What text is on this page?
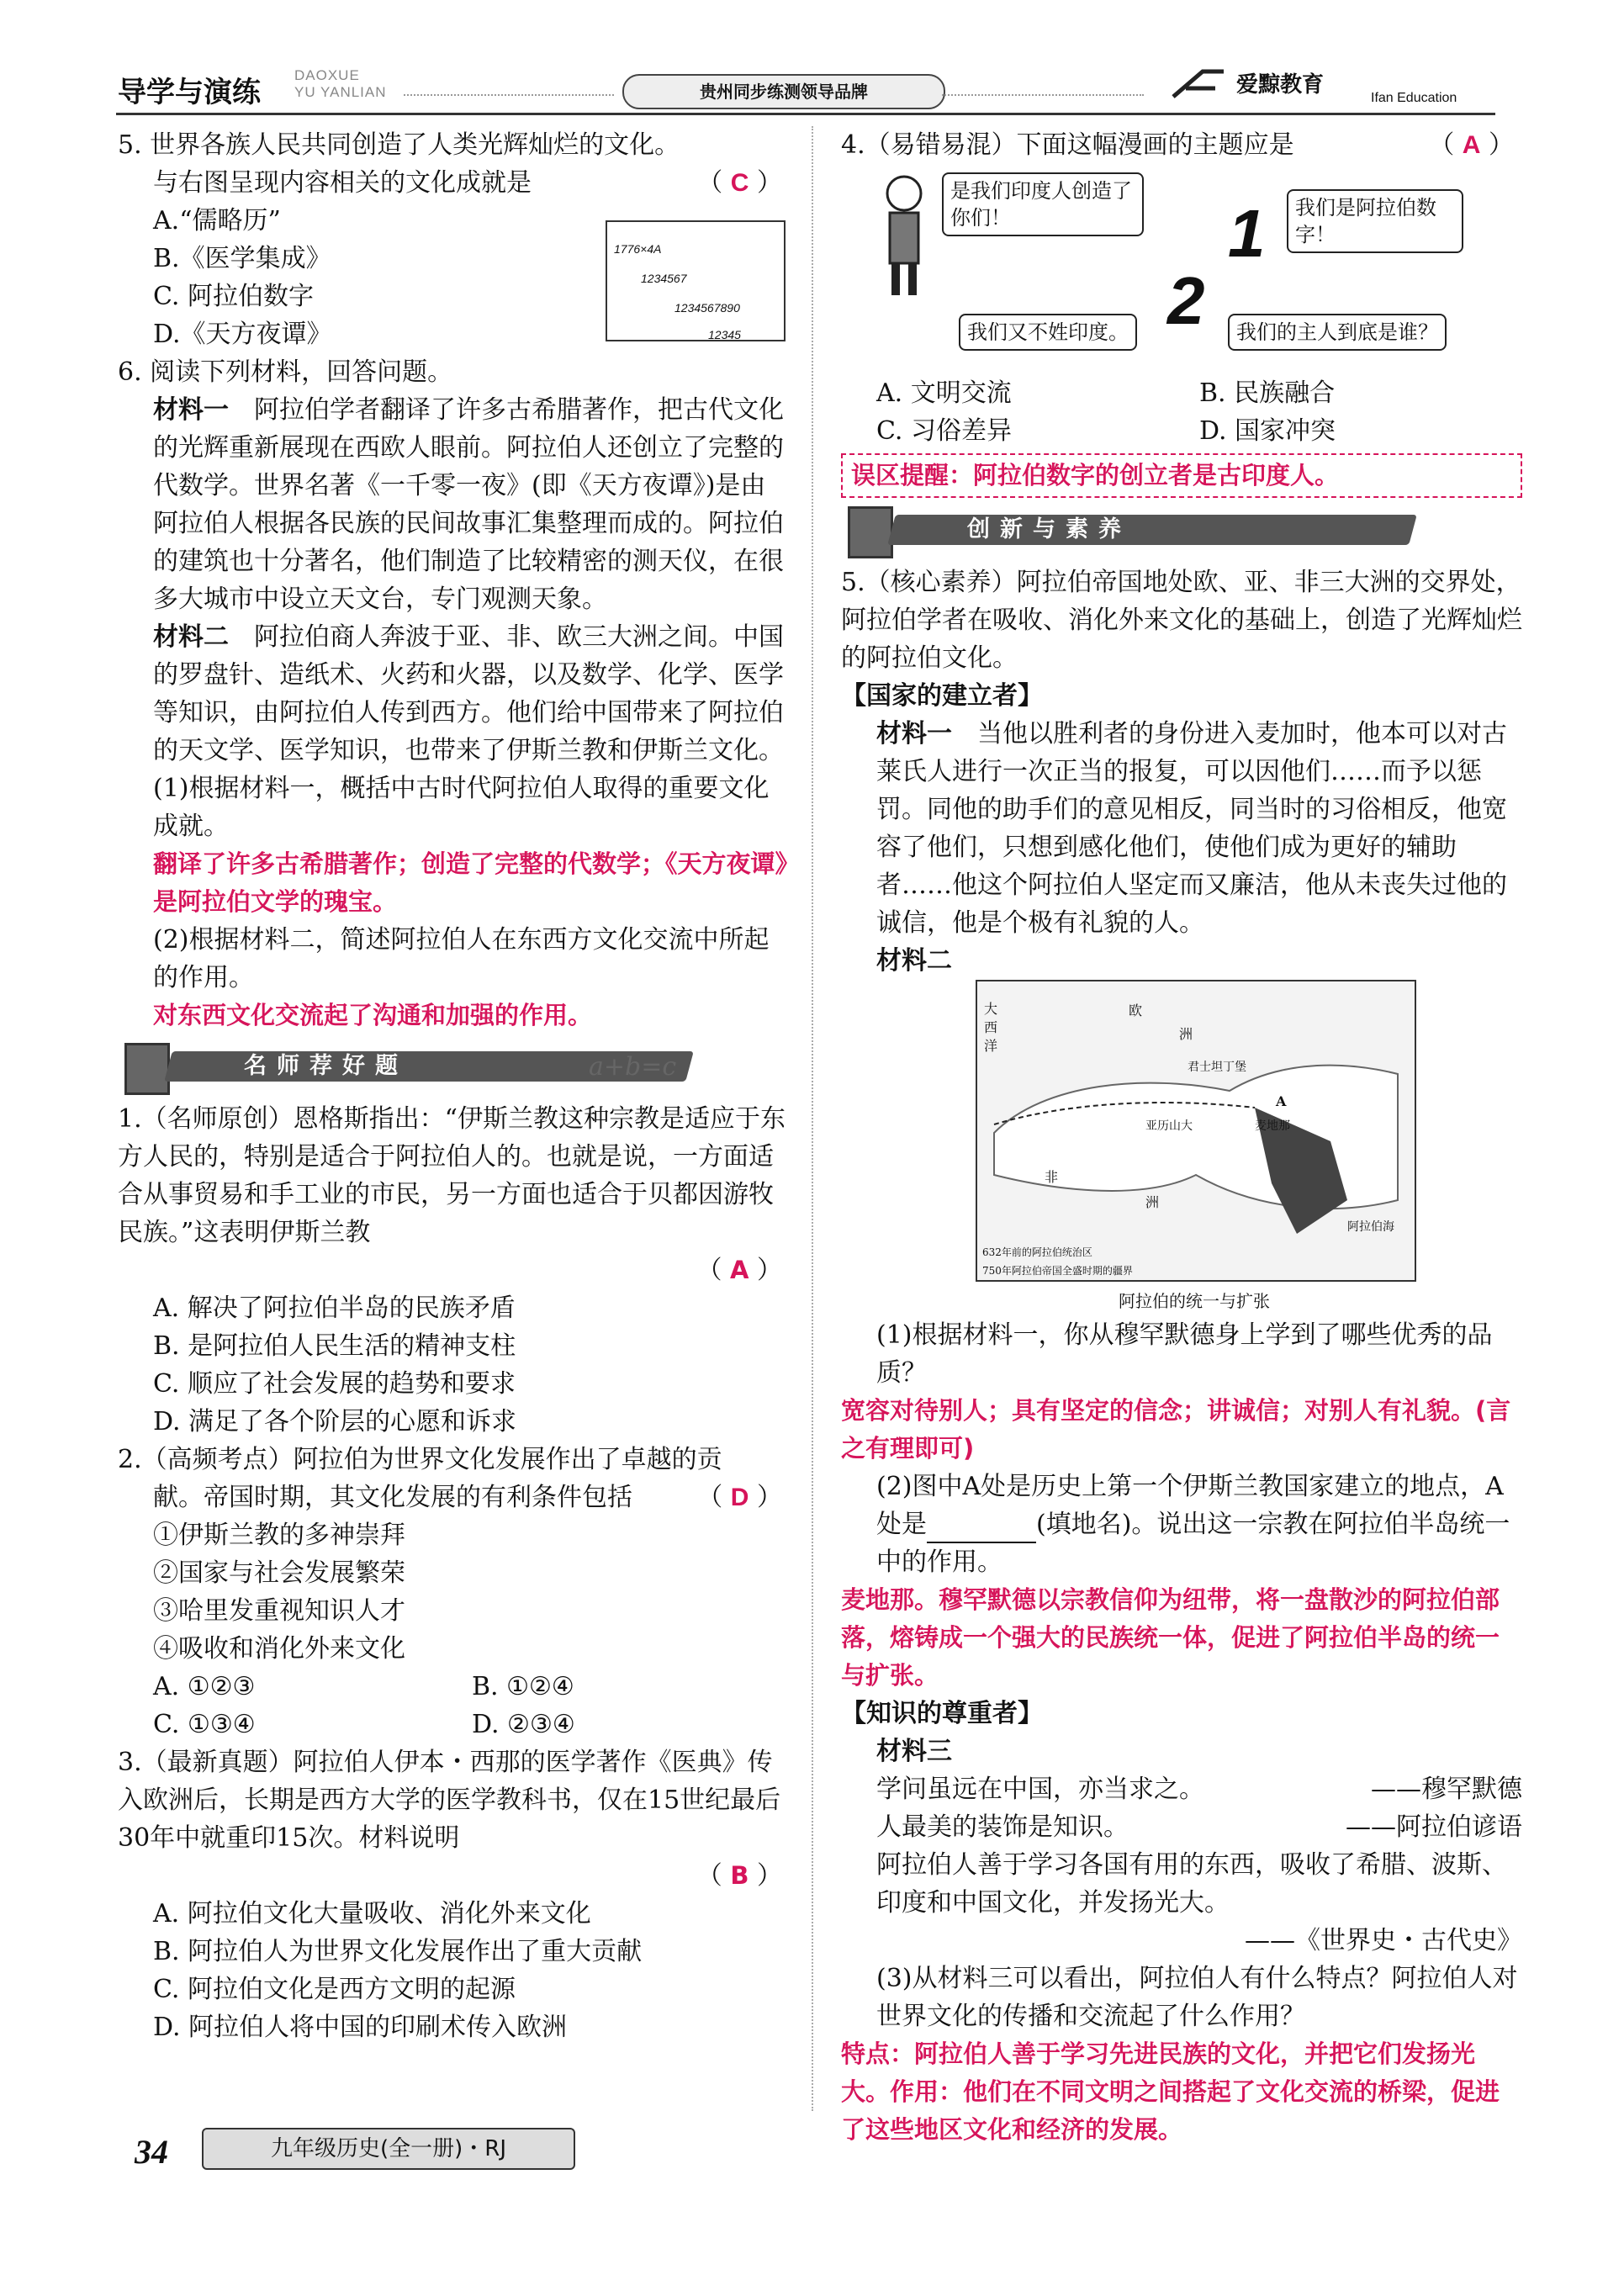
导学与演练
DAOXUE
YU YANLIAN	贵州同步练测领导品牌	爱黥教育
Ifan Education

5. 世界各族人民共同创造了人类光辉灿烂的文化。

与右图呈现内容相关的文化成就是	（ C ）

A.“儒略历”

B.《医学集成》

C. 阿拉伯数字

D.《天方夜谭》

1776×4A
1234567
1234567890
12345

6. 阅读下列材料，回答问题。

材料一　 阿拉伯学者翻译了许多古希腊著作，把古代文化的光辉重新展现在西欧人眼前。阿拉伯人还创立了完整的代数学。世界名著《一千零一夜》(即《天方夜谭》)是由阿拉伯人根据各民族的民间故事汇集整理而成的。阿拉伯的建筑也十分著名，他们制造了比较精密的测天仪，在很多大城市中设立天文台，专门观测天象。

材料二　 阿拉伯商人奔波于亚、非、欧三大洲之间。中国的罗盘针、造纸术、火药和火器，以及数学、化学、医学等知识，由阿拉伯人传到西方。他们给中国带来了阿拉伯的天文学、医学知识，也带来了伊斯兰教和伊斯兰文化。

(1)根据材料一，概括中古时代阿拉伯人取得的重要文化成就。

翻译了许多古希腊著作；创造了完整的代数学；《天方夜谭》是阿拉伯文学的瑰宝。

(2)根据材料二，简述阿拉伯人在东西方文化交流中所起的作用。

对东西文化交流起了沟通和加强的作用。

名师荐好题	a+b=c

1.（名师原创）恩格斯指出：“伊斯兰教这种宗教是适应于东方人民的，特别是适合于阿拉伯人的。也就是说，一方面适合从事贸易和手工业的市民，另一方面也适合于贝都因游牧民族。”这表明伊斯兰教

（ A ）

A. 解决了阿拉伯半岛的民族矛盾

B. 是阿拉伯人民生活的精神支柱

C. 顺应了社会发展的趋势和要求

D. 满足了各个阶层的心愿和诉求

2.（高频考点）阿拉伯为世界文化发展作出了卓越的贡

献。帝国时期，其文化发展的有利条件包括	（ D ）

①伊斯兰教的多神崇拜

②国家与社会发展繁荣

③哈里发重视知识人才

④吸收和消化外来文化

A. ①②③	B. ①②④
C. ①③④	D. ②③④

3.（最新真题）阿拉伯人伊本・西那的医学著作《医典》传入欧洲后，长期是西方大学的医学教科书，仅在15世纪最后30年中就重印15次。材料说明

（ B ）

A. 阿拉伯文化大量吸收、消化外来文化

B. 阿拉伯人为世界文化发展作出了重大贡献

C. 阿拉伯文化是西方文明的起源

D. 阿拉伯人将中国的印刷术传入欧洲

4.（易错易混）下面这幅漫画的主题应是	（ A ）

是我们印度人创造了你们！	1	我们是阿拉伯数字！
我们又不姓印度。 2	我们的主人到底是谁？
A. 文明交流	B. 民族融合
C. 习俗差异	D. 国家冲突
误区提醒：阿拉伯数字的创立者是古印度人。
创新与素养

5.（核心素养）阿拉伯帝国地处欧、亚、非三大洲的交界处，阿拉伯学者在吸收、消化外来文化的基础上，创造了光辉灿烂的阿拉伯文化。

【国家的建立者】

材料一　 当他以胜利者的身份进入麦加时，他本可以对古莱氏人进行一次正当的报复，可以因他们……而予以惩罚。同他的助手们的意见相反，同当时的习俗相反，他宽容了他们，只想到感化他们，使他们成为更好的辅助者……他这个阿拉伯人坚定而又廉洁，他从未丧失过他的诚信，他是个极有礼貌的人。

材料二

大
西
洋
欧
洲
非
洲
阿拉伯海
亚历山大
君士坦丁堡
麦地那
A
632年前的阿拉伯统治区
750年阿拉伯帝国全盛时期的疆界
阿拉伯的统一与扩张

(1)根据材料一，你从穆罕默德身上学到了哪些优秀的品质？

宽容对待别人；具有坚定的信念；讲诚信；对别人有礼貌。(言之有理即可)

(2)图中A处是历史上第一个伊斯兰教国家建立的地点，A处是	(填地名)。说出这一宗教在阿拉伯半岛统一中的作用。

麦地那。穆罕默德以宗教信仰为纽带，将一盘散沙的阿拉伯部落，熔铸成一个强大的民族统一体，促进了阿拉伯半岛的统一与扩张。

【知识的尊重者】

材料三

学问虽远在中国，亦当求之。	——穆罕默德

人最美的装饰是知识。	——阿拉伯谚语

阿拉伯人善于学习各国有用的东西，吸收了希腊、波斯、印度和中国文化，并发扬光大。

——《世界史・古代史》

(3)从材料三可以看出，阿拉伯人有什么特点？阿拉伯人对世界文化的传播和交流起了什么作用？

特点：阿拉伯人善于学习先进民族的文化，并把它们发扬光大。作用：他们在不同文明之间搭起了文化交流的桥梁，促进了这些地区文化和经济的发展。

34	九年级历史(全一册)・RJ
